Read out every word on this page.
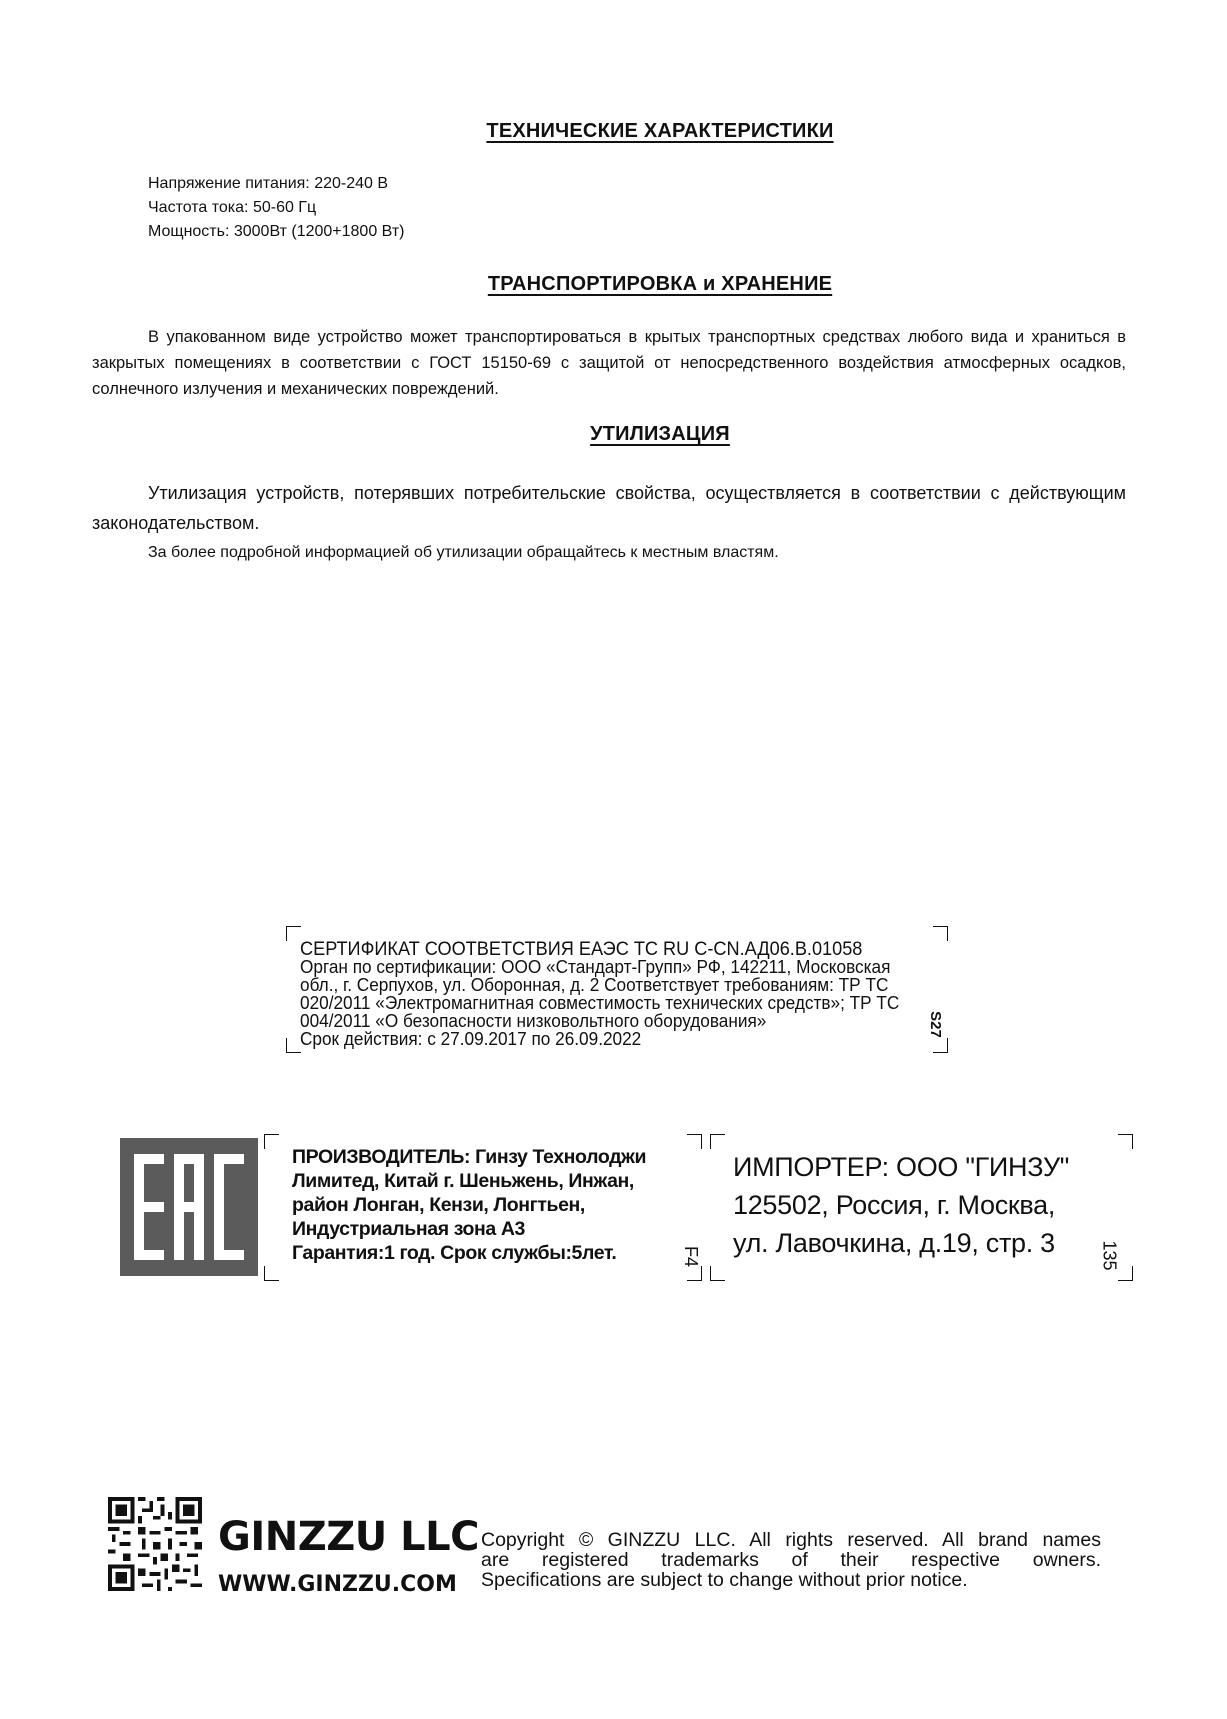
ТЕХНИЧЕСКИЕ ХАРАКТЕРИСТИКИ
Напряжение питания: 220-240 В
Частота тока: 50-60 Гц
Мощность: 3000Вт (1200+1800 Вт)
ТРАНСПОРТИРОВКА и ХРАНЕНИЕ

В упакованном виде устройство может транспортироваться в крытых транспортных средствах любого вида и храниться в закрытых помещениях в соответствии с ГОСТ 15150-69 с защитой от непосредственного воздействия атмосферных осадков, солнечного излучения и механических повреждений.

УТИЛИЗАЦИЯ

Утилизация устройств, потерявших потребительские свойства, осуществляется в соответствии с действующим законодательством.

За более подробной информацией об утилизации обращайтесь к местным властям.
СЕРТИФИКАТ СООТВЕТСТВИЯ ЕАЭС ТС RU С-CN.АД06.В.01058
Орган по сертификации: ООО «Стандарт-Групп» РФ, 142211, Московская
обл., г. Серпухов, ул. Оборонная, д. 2 Соответствует требованиям: ТР ТС
020/2011 «Электромагнитная совместимость технических средств»; ТР ТС
004/2011 «О безопасности низковольтного оборудования»
Срок действия: с 27.09.2017 по 26.09.2022
S27
ПРОИЗВОДИТЕЛЬ: Гинзу Технолоджи
Лимитед, Китай г. Шеньжень, Инжан,
район Лонган, Кензи, Лонгтьен,
Индустриальная зона А3
Гарантия:1 год. Срок службы:5лет.	F4
ИМПОРТЕР: ООО "ГИНЗУ"
125502, Россия, г. Москва,
ул. Лавочкина, д.19, стр. 3	135
GINZZU LLC
WWW.GINZZU.COM
Copyright © GINZZU LLC. All rights reserved. All brand names
are registered trademarks of their respective owners.
Specifications are subject to change without prior notice.
